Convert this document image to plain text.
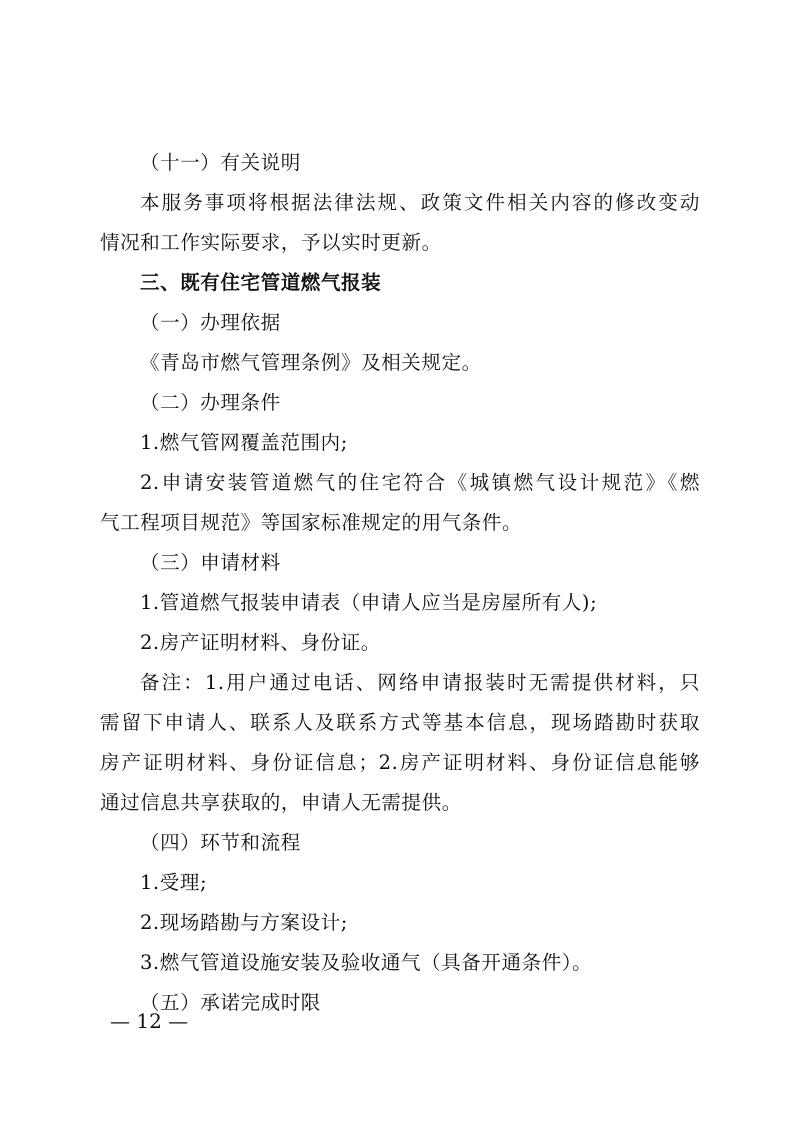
（十一）有关说明
本服务事项将根据法律法规、政策文件相关内容的修改变动
情况和工作实际要求，予以实时更新。
三、既有住宅管道燃气报装
（一）办理依据
《青岛市燃气管理条例》及相关规定。
（二）办理条件
1.燃气管网覆盖范围内;
2.申请安装管道燃气的住宅符合《城镇燃气设计规范》《燃
气工程项目规范》等国家标准规定的用气条件。
（三）申请材料
1.管道燃气报装申请表（申请人应当是房屋所有人);
2.房产证明材料、身份证。
备注：1.用户通过电话、网络申请报装时无需提供材料，只
需留下申请人、联系人及联系方式等基本信息，现场踏勘时获取
房产证明材料、身份证信息；2.房产证明材料、身份证信息能够
通过信息共享获取的，申请人无需提供。
（四）环节和流程
1.受理;
2.现场踏勘与方案设计;
3.燃气管道设施安装及验收通气（具备开通条件）。
（五）承诺完成时限
— 12 —
